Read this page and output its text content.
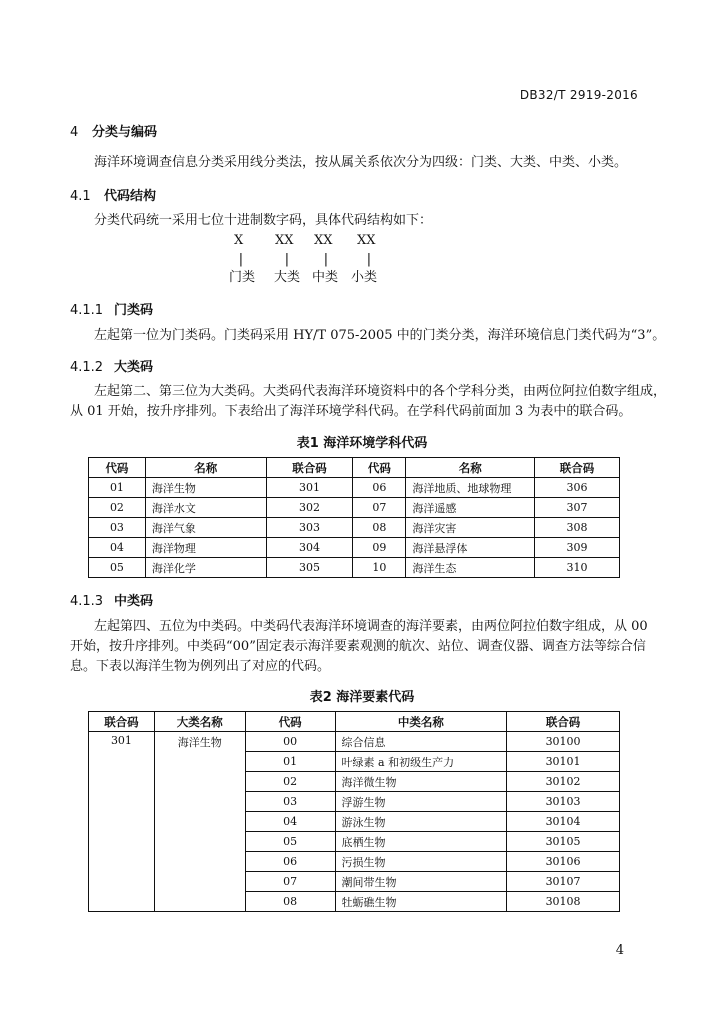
DB32/T 2919-2016
4 分类与编码
海洋环境调查信息分类采用线分类法，按从属关系依次分为四级：门类、大类、中类、小类。
4.1 代码结构
分类代码统一采用七位十进制数字码，具体代码结构如下：
X XX XX XX
|	| |	|
门类 大类 中类 小类
4.1.1 门类码
左起第一位为门类码。门类码采用 HY/T 075-2005 中的门类分类，海洋环境信息门类代码为“3”。
4.1.2 大类码
左起第二、第三位为大类码。大类码代表海洋环境资料中的各个学科分类，由两位阿拉伯数字组成，
从 01 开始，按升序排列。下表给出了海洋环境学科代码。在学科代码前面加 3 为表中的联合码。
表1 海洋环境学科代码
代码	名称	联合码	代码	名称	联合码
01	海洋生物	301	06	海洋地质、地球物理	306
02	海洋水文	302	07	海洋遥感	307
03	海洋气象	303	08	海洋灾害	308
04	海洋物理	304	09	海洋悬浮体	309
05	海洋化学	305	10	海洋生态	310
4.1.3 中类码
左起第四、五位为中类码。中类码代表海洋环境调查的海洋要素，由两位阿拉伯数字组成，从 00
开始，按升序排列。中类码“00”固定表示海洋要素观测的航次、站位、调查仪器、调查方法等综合信
息。下表以海洋生物为例列出了对应的代码。
表2 海洋要素代码
联合码	大类名称	代码	中类名称	联合码
301	海洋生物	00	综合信息	30100
		01	叶绿素 a 和初级生产力	30101
		02	海洋微生物	30102
		03	浮游生物	30103
		04	游泳生物	30104
		05	底栖生物	30105
		06	污损生物	30106
		07	潮间带生物	30107
		08	牡蛎礁生物	30108
4
